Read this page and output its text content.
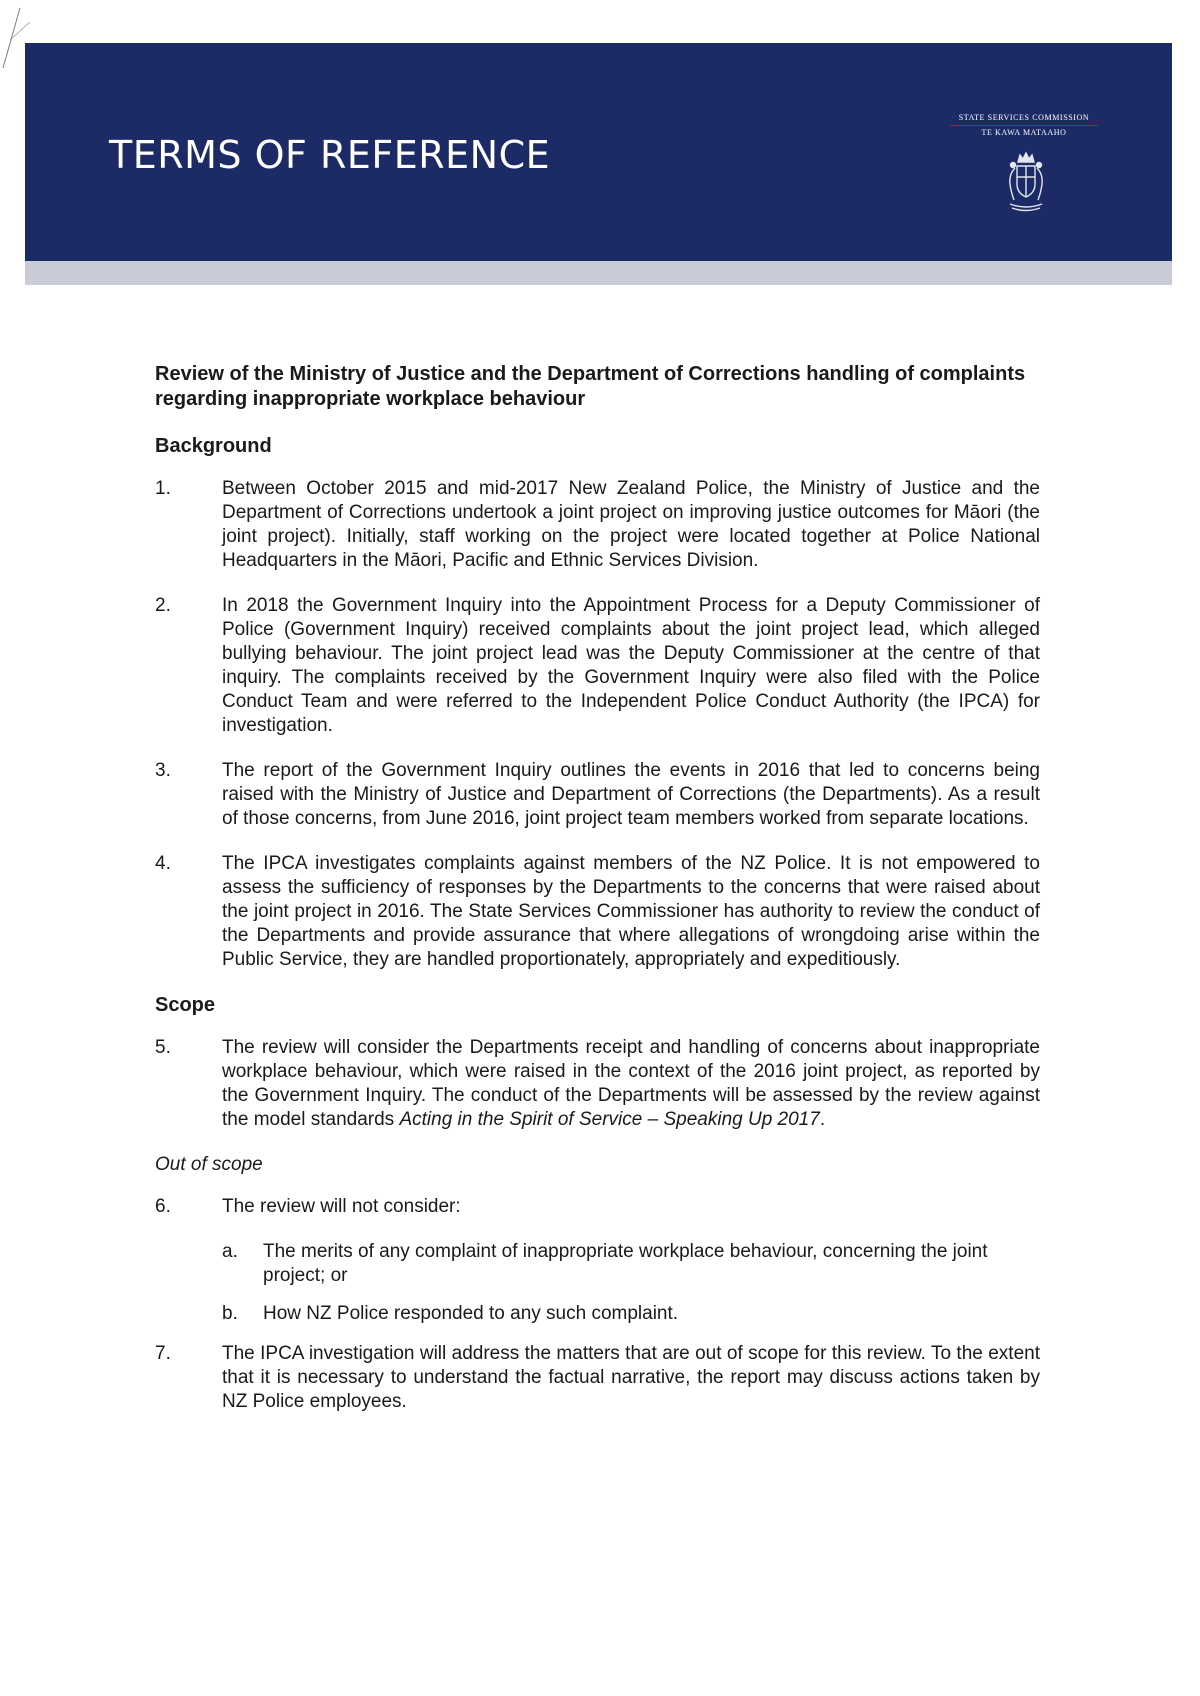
TERMS OF REFERENCE
STATE SERVICES COMMISSION
TE KAWA MATAAHO
Review of the Ministry of Justice and the Department of Corrections handling of complaints regarding inappropriate workplace behaviour
Background
1.	Between October 2015 and mid-2017 New Zealand Police, the Ministry of Justice and the Department of Corrections undertook a joint project on improving justice outcomes for Māori (the joint project). Initially, staff working on the project were located together at Police National Headquarters in the Māori, Pacific and Ethnic Services Division.
2.	In 2018 the Government Inquiry into the Appointment Process for a Deputy Commissioner of Police (Government Inquiry) received complaints about the joint project lead, which alleged bullying behaviour. The joint project lead was the Deputy Commissioner at the centre of that inquiry. The complaints received by the Government Inquiry were also filed with the Police Conduct Team and were referred to the Independent Police Conduct Authority (the IPCA) for investigation.
3.	The report of the Government Inquiry outlines the events in 2016 that led to concerns being raised with the Ministry of Justice and Department of Corrections (the Departments). As a result of those concerns, from June 2016, joint project team members worked from separate locations.
4.	The IPCA investigates complaints against members of the NZ Police. It is not empowered to assess the sufficiency of responses by the Departments to the concerns that were raised about the joint project in 2016. The State Services Commissioner has authority to review the conduct of the Departments and provide assurance that where allegations of wrongdoing arise within the Public Service, they are handled proportionately, appropriately and expeditiously.
Scope
5.	The review will consider the Departments receipt and handling of concerns about inappropriate workplace behaviour, which were raised in the context of the 2016 joint project, as reported by the Government Inquiry. The conduct of the Departments will be assessed by the review against the model standards Acting in the Spirit of Service – Speaking Up 2017.
Out of scope
6.	The review will not consider:
a. The merits of any complaint of inappropriate workplace behaviour, concerning the joint project; or
b. How NZ Police responded to any such complaint.
7.	The IPCA investigation will address the matters that are out of scope for this review. To the extent that it is necessary to understand the factual narrative, the report may discuss actions taken by NZ Police employees.
